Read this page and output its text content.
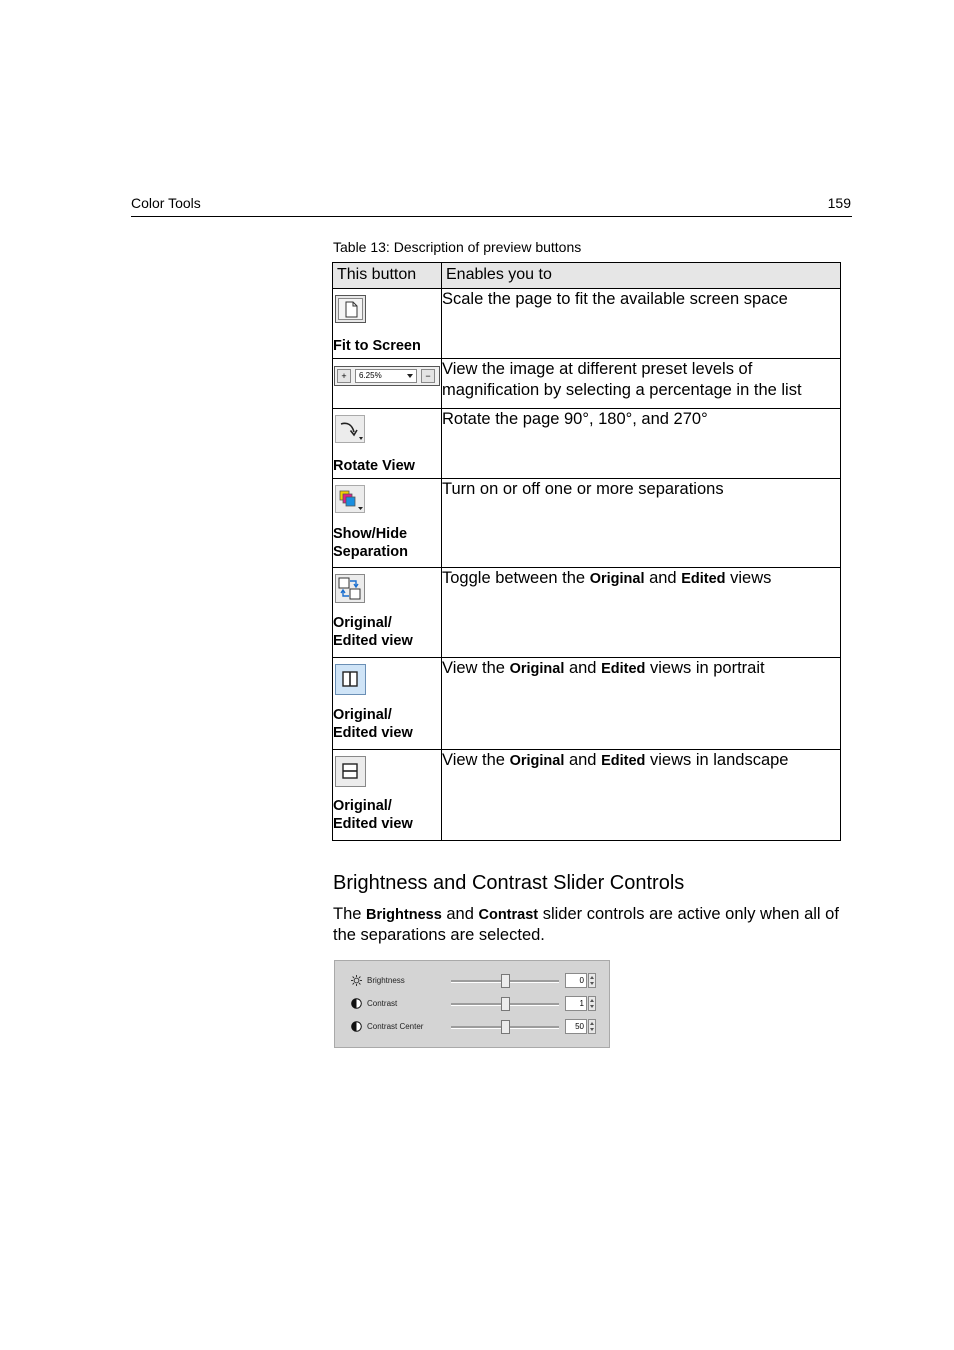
Color Tools	159
Table 13: Description of preview buttons
This button	Enables you to

Fit to Screen	Scale the page to fit the available screen space

+ 6.25% −	View the image at different preset levels of magnification by selecting a percentage in the list

Rotate View	Rotate the page 90°, 180°, and 270°

Show/Hide
Separation	Turn on or off one or more separations

Original/
Edited view	Toggle between the Original and Edited views

Original/
Edited view	View the Original and Edited views in portrait

Original/
Edited view	View the Original and Edited views in landscape
Brightness and Contrast Slider Controls
The Brightness and Contrast slider controls are active only when all of the separations are selected.
Brightness	0
Contrast	1
Contrast Center	50
